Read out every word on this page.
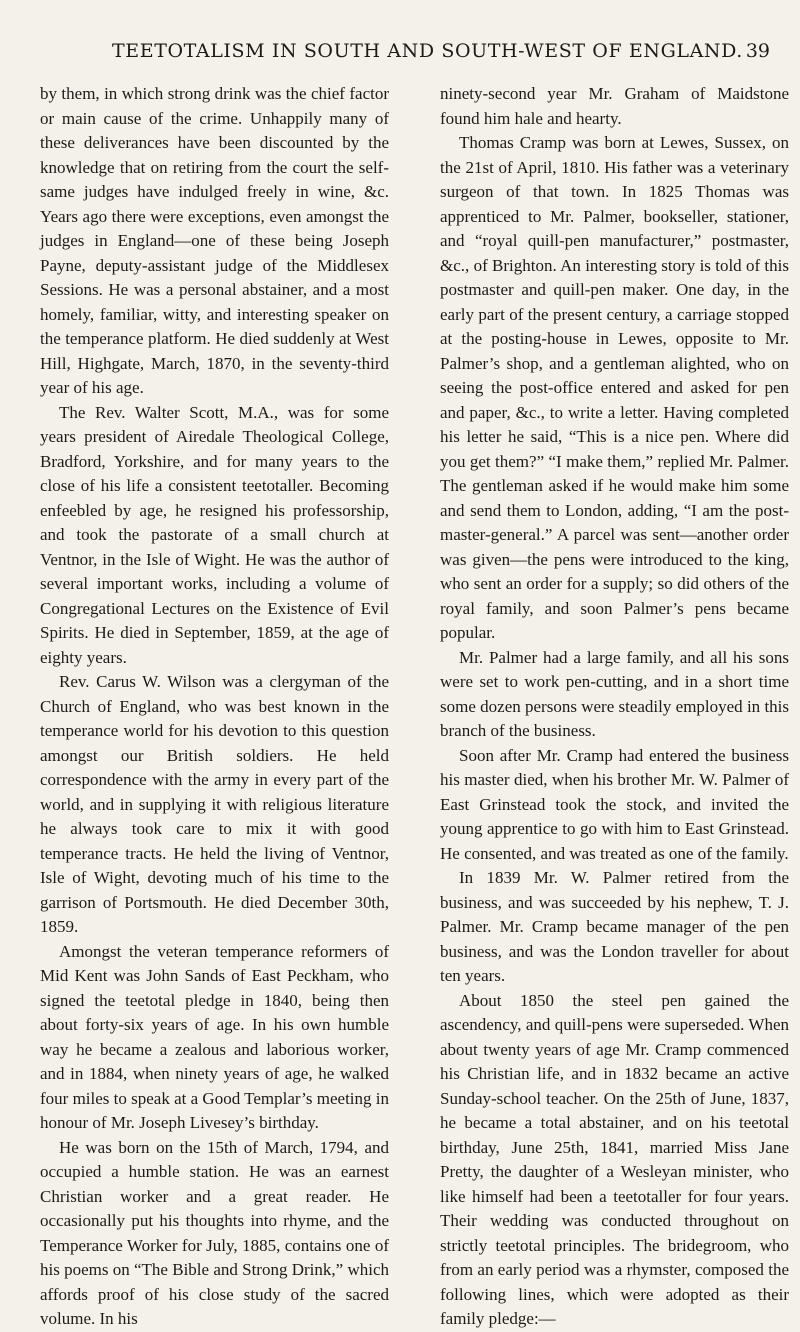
TEETOTALISM IN SOUTH AND SOUTH-WEST OF ENGLAND. 39

by them, in which strong drink was the chief factor or main cause of the crime. Unhappily many of these deliverances have been discounted by the knowledge that on retiring from the court the self-same judges have indulged freely in wine, &c. Years ago there were exceptions, even amongst the judges in England—one of these being Joseph Payne, deputy-assistant judge of the Middlesex Sessions. He was a personal abstainer, and a most homely, familiar, witty, and interesting speaker on the temperance platform. He died suddenly at West Hill, Highgate, March, 1870, in the seventy-third year of his age.

The Rev. Walter Scott, M.A., was for some years president of Airedale Theological College, Bradford, Yorkshire, and for many years to the close of his life a consistent teetotaller. Becoming enfeebled by age, he resigned his professorship, and took the pastorate of a small church at Ventnor, in the Isle of Wight. He was the author of several important works, including a volume of Congregational Lectures on the Existence of Evil Spirits. He died in September, 1859, at the age of eighty years.

Rev. Carus W. Wilson was a clergyman of the Church of England, who was best known in the temperance world for his devotion to this question amongst our British soldiers. He held correspondence with the army in every part of the world, and in supplying it with religious literature he always took care to mix it with good temperance tracts. He held the living of Ventnor, Isle of Wight, devoting much of his time to the garrison of Portsmouth. He died December 30th, 1859.

Amongst the veteran temperance reformers of Mid Kent was John Sands of East Peckham, who signed the teetotal pledge in 1840, being then about forty-six years of age. In his own humble way he became a zealous and laborious worker, and in 1884, when ninety years of age, he walked four miles to speak at a Good Templar’s meeting in honour of Mr. Joseph Livesey’s birthday.

He was born on the 15th of March, 1794, and occupied a humble station. He was an earnest Christian worker and a great reader. He occasionally put his thoughts into rhyme, and the Temperance Worker for July, 1885, contains one of his poems on “The Bible and Strong Drink,” which affords proof of his close study of the sacred volume. In his

ninety-second year Mr. Graham of Maidstone found him hale and hearty.

Thomas Cramp was born at Lewes, Sussex, on the 21st of April, 1810. His father was a veterinary surgeon of that town. In 1825 Thomas was apprenticed to Mr. Palmer, bookseller, stationer, and “royal quill-pen manufacturer,” postmaster, &c., of Brighton. An interesting story is told of this postmaster and quill-pen maker. One day, in the early part of the present century, a carriage stopped at the posting-house in Lewes, opposite to Mr. Palmer’s shop, and a gentleman alighted, who on seeing the post-office entered and asked for pen and paper, &c., to write a letter. Having completed his letter he said, “This is a nice pen. Where did you get them?” “I make them,” replied Mr. Palmer. The gentleman asked if he would make him some and send them to London, adding, “I am the post-master-general.” A parcel was sent—another order was given—the pens were introduced to the king, who sent an order for a supply; so did others of the royal family, and soon Palmer’s pens became popular.

Mr. Palmer had a large family, and all his sons were set to work pen-cutting, and in a short time some dozen persons were steadily employed in this branch of the business.

Soon after Mr. Cramp had entered the business his master died, when his brother Mr. W. Palmer of East Grinstead took the stock, and invited the young apprentice to go with him to East Grinstead. He consented, and was treated as one of the family.

In 1839 Mr. W. Palmer retired from the business, and was succeeded by his nephew, T. J. Palmer. Mr. Cramp became manager of the pen business, and was the London traveller for about ten years.

About 1850 the steel pen gained the ascendency, and quill-pens were superseded. When about twenty years of age Mr. Cramp commenced his Christian life, and in 1832 became an active Sunday-school teacher. On the 25th of June, 1837, he became a total abstainer, and on his teetotal birthday, June 25th, 1841, married Miss Jane Pretty, the daughter of a Wesleyan minister, who like himself had been a teetotaller for four years. Their wedding was conducted throughout on strictly teetotal principles. The bridegroom, who from an early period was a rhymster, composed the following lines, which were adopted as their family pledge:—
